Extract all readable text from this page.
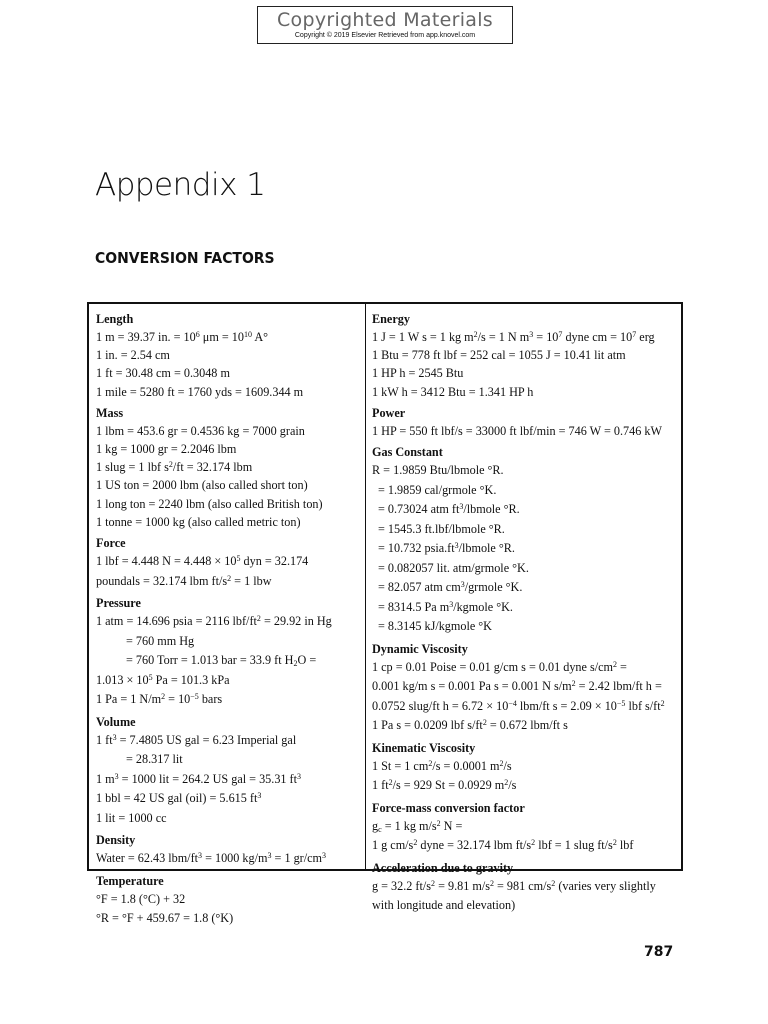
Copyrighted Materials
Copyright © 2019 Elsevier Retrieved from app.knovel.com
Appendix 1
CONVERSION FACTORS
Length
1 m = 39.37 in. = $10^6$ $\mu m = 10^{10}$ A°
1 in. = 2.54 cm
1 ft = 30.48 cm = 0.3048 m
1 mile = 5280 ft = 1760 yds = 1609.344 m
Mass
1 lbm = 453.6 gr = 0.4536 kg = 7000 grain
1 kg = 1000 gr = 2.2046 lbm
1 slug = 1 lbf $s^2/ft = 32.174$ lbm
1 US ton = 2000 lbm (also called short ton)
1 long ton = 2240 lbm (also called British ton)
1 tonne = 1000 kg (also called metric ton)
Force
1 lbf = 4.448 $N = 4.448 \times 10^5$ dyn = 32.174
poundals = 32.174 lbm $ft/s^2 = 1$ lbw
Pressure
1 atm = 14.696 psia = 2116 lbf/$ft^2 = 29.92$ in Hg
= 760 mm Hg
= 760 Torr = 1.013 bar = 33.9 ft $H_2O$ =
$1.013 \times 10^5$ Pa = 101.3 kPa
1 Pa = 1 $N/m^2 = 10^{-5}$ bars
Volume
1 $ft^3 = 7.4805$ US gal = 6.23 Imperial gal
= 28.317 lit
1 $m^3 = 1000$ lit = 264.2 US gal = 35.31 $ft^3$
1 bbl = 42 US gal (oil) = 5.615 $ft^3$
1 lit = 1000 cc
Density
Water = 62.43 lbm/$ft^3 = 1000$ $kg/m^3 = 1$ $gr/cm^3$
Temperature
°F = 1.8 (°C) + 32
°R = °F + 459.67 = 1.8 (°K)
Energy
1 J = 1 W s = 1 kg $m^2/s = 1$ N $m^3 = 10^7$ dyne cm = $10^7$ erg
1 Btu = 778 ft lbf = 252 cal = 1055 J = 10.41 lit atm
1 HP h = 2545 Btu
1 kW h = 3412 Btu = 1.341 HP h
Power
1 HP = 550 ft lbf/s = 33000 ft lbf/min = 746 W = 0.746 kW
Gas Constant
R = 1.9859 Btu/lbmole °R.
= 1.9859 cal/grmole °K.
= 0.73024 atm $ft^3$/lbmole °R.
= 1545.3 ft.lbf/lbmole °R.
= 10.732 $psia.ft^3$/lbmole °R.
= 0.082057 lit. atm/grmole °K.
= 82.057 atm $cm^3$/grmole °K.
= 8314.5 Pa $m^3$/kgmole °K.
= 8.3145 kJ/kgmole °K
Dynamic Viscosity
1 cp = 0.01 Poise = 0.01 g/cm s = 0.01 dyne $s/cm^2$ =
0.001 kg/m s = 0.001 Pa s = 0.001 N $s/m^2 = 2.42$ lbm/ft h =
0.0752 slug/ft $h = 6.72 \times 10^{-4}$ lbm/ft $s = 2.09 \times 10^{-5}$ lbf $s/ft^2$
1 Pa s = 0.0209 lbf $s/ft^2 = 0.672$ lbm/ft s
Kinematic Viscosity
1 St = 1 $cm^2/s = 0.0001$ $m^2/s$
1 $ft^2/s = 929$ St = 0.0929 $m^2/s$
Force-mass conversion factor
$g_c = 1$ kg $m/s^2$ N =
1 g $cm/s^2$ dyne = 32.174 lbm $ft/s^2$ lbf = 1 slug $ft/s^2$ lbf
Acceleration due to gravity
g = 32.2 $ft/s^2 = 9.81$ $m/s^2 = 981$ $cm/s^2$ (varies very slightly
with longitude and elevation)
787
